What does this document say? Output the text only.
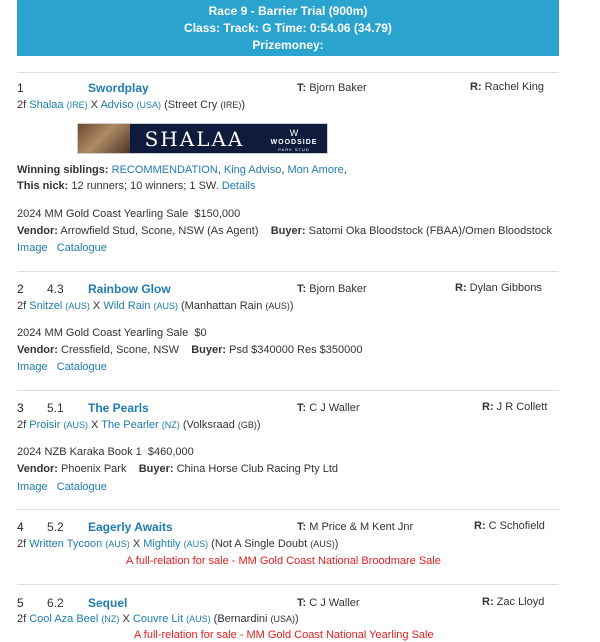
Race 9 - Barrier Trial (900m)
Class: Track: G Time: 0:54.06 (34.79)
Prizemoney:
1	Swordplay	T: Bjorn Baker	R: Rachel King
2f Shalaa (IRE) X Adviso (USA) (Street Cry (IRE))
SHALAA	W
WOODSIDE
PARK STUD
Winning siblings: RECOMMENDATION, King Adviso, Mon Amore,
This nick: 12 runners; 10 winners; 1 SW. Details
2024 MM Gold Coast Yearling Sale $150,000
Vendor: Arrowfield Stud, Scone, NSW (As Agent) Buyer: Satomi Oka Bloodstock (FBAA)/Omen Bloodstock
Image Catalogue
2 4.3 Rainbow Glow	T: Bjorn Baker	R: Dylan Gibbons
2f Snitzel (AUS) X Wild Rain (AUS) (Manhattan Rain (AUS))
2024 MM Gold Coast Yearling Sale $0
Vendor: Cressfield, Scone, NSW Buyer: Psd $340000 Res $350000
Image Catalogue
3 5.1 The Pearls	T: C J Waller	R: J R Collett
2f Proisir (AUS) X The Pearler (NZ) (Volksraad (GB))
2024 NZB Karaka Book 1 $460,000
Vendor: Phoenix Park Buyer: China Horse Club Racing Pty Ltd
Image Catalogue
4 5.2 Eagerly Awaits	T: M Price & M Kent Jnr	R: C Schofield
2f Written Tycoon (AUS) X Mightily (AUS) (Not A Single Doubt (AUS))
A full-relation for sale - MM Gold Coast National Broodmare Sale
5 6.2 Sequel	T: C J Waller	R: Zac Lloyd
2f Cool Aza Beel (NZ) X Couvre Lit (AUS) (Bernardini (USA))
A full-relation for sale - MM Gold Coast National Yearling Sale
